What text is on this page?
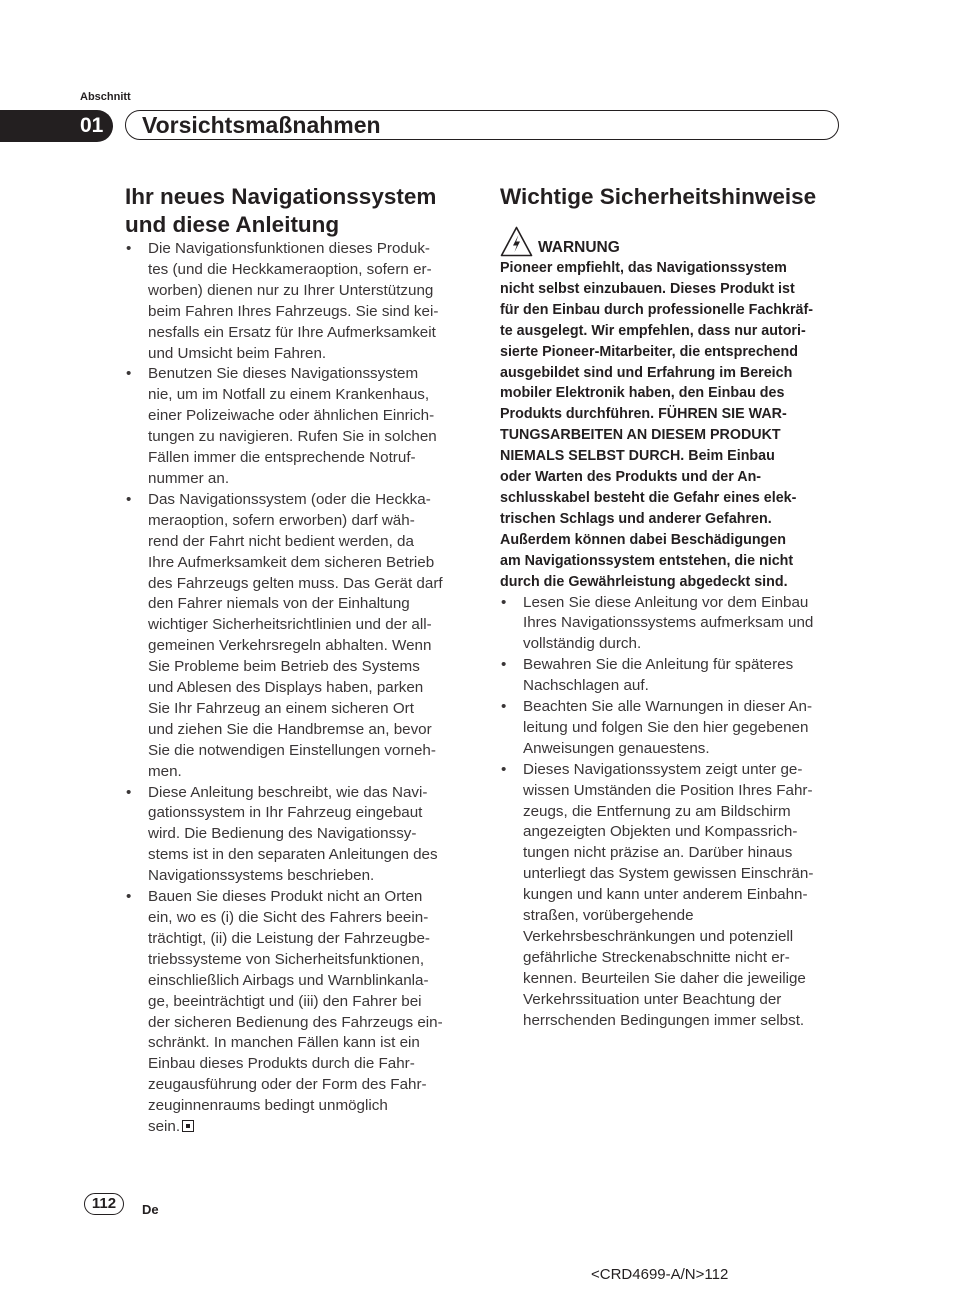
Abschnitt
01	Vorsichtsmaßnahmen
Ihr neues Navigationssystem
und diese Anleitung
• Die Navigationsfunktionen dieses Produk-
tes (und die Heckkameraoption, sofern er-
worben) dienen nur zu Ihrer Unterstützung
beim Fahren Ihres Fahrzeugs. Sie sind kei-
nesfalls ein Ersatz für Ihre Aufmerksamkeit
und Umsicht beim Fahren.
• Benutzen Sie dieses Navigationssystem
nie, um im Notfall zu einem Krankenhaus,
einer Polizeiwache oder ähnlichen Einrich-
tungen zu navigieren. Rufen Sie in solchen
Fällen immer die entsprechende Notruf-
nummer an.
• Das Navigationssystem (oder die Heckka-
meraoption, sofern erworben) darf wäh-
rend der Fahrt nicht bedient werden, da
Ihre Aufmerksamkeit dem sicheren Betrieb
des Fahrzeugs gelten muss. Das Gerät darf
den Fahrer niemals von der Einhaltung
wichtiger Sicherheitsrichtlinien und der all-
gemeinen Verkehrsregeln abhalten. Wenn
Sie Probleme beim Betrieb des Systems
und Ablesen des Displays haben, parken
Sie Ihr Fahrzeug an einem sicheren Ort
und ziehen Sie die Handbremse an, bevor
Sie die notwendigen Einstellungen vorneh-
men.
• Diese Anleitung beschreibt, wie das Navi-
gationssystem in Ihr Fahrzeug eingebaut
wird. Die Bedienung des Navigationssy-
stems ist in den separaten Anleitungen des
Navigationssystems beschrieben.
• Bauen Sie dieses Produkt nicht an Orten
ein, wo es (i) die Sicht des Fahrers beein-
trächtigt, (ii) die Leistung der Fahrzeugbe-
triebssysteme von Sicherheitsfunktionen,
einschließlich Airbags und Warnblinkanla-
ge, beeinträchtigt und (iii) den Fahrer bei
der sicheren Bedienung des Fahrzeugs ein-
schränkt. In manchen Fällen kann ist ein
Einbau dieses Produkts durch die Fahr-
zeugausführung oder der Form des Fahr-
zeuginnenraums bedingt unmöglich
sein.
Wichtige Sicherheitshinweise
WARNUNG
Pioneer empfiehlt, das Navigationssystem
nicht selbst einzubauen. Dieses Produkt ist
für den Einbau durch professionelle Fachkräf-
te ausgelegt. Wir empfehlen, dass nur autori-
sierte Pioneer-Mitarbeiter, die entsprechend
ausgebildet sind und Erfahrung im Bereich
mobiler Elektronik haben, den Einbau des
Produkts durchführen. FÜHREN SIE WAR-
TUNGSARBEITEN AN DIESEM PRODUKT
NIEMALS SELBST DURCH. Beim Einbau
oder Warten des Produkts und der An-
schlusskabel besteht die Gefahr eines elek-
trischen Schlags und anderer Gefahren.
Außerdem können dabei Beschädigungen
am Navigationssystem entstehen, die nicht
durch die Gewährleistung abgedeckt sind.
• Lesen Sie diese Anleitung vor dem Einbau
Ihres Navigationssystems aufmerksam und
vollständig durch.
• Bewahren Sie die Anleitung für späteres
Nachschlagen auf.
• Beachten Sie alle Warnungen in dieser An-
leitung und folgen Sie den hier gegebenen
Anweisungen genauestens.
• Dieses Navigationssystem zeigt unter ge-
wissen Umständen die Position Ihres Fahr-
zeugs, die Entfernung zu am Bildschirm
angezeigten Objekten und Kompassrich-
tungen nicht präzise an. Darüber hinaus
unterliegt das System gewissen Einschrän-
kungen und kann unter anderem Einbahn-
straßen, vorübergehende
Verkehrsbeschränkungen und potenziell
gefährliche Streckenabschnitte nicht er-
kennen. Beurteilen Sie daher die jeweilige
Verkehrssituation unter Beachtung der
herrschenden Bedingungen immer selbst.
112	De
<CRD4699-A/N>112
